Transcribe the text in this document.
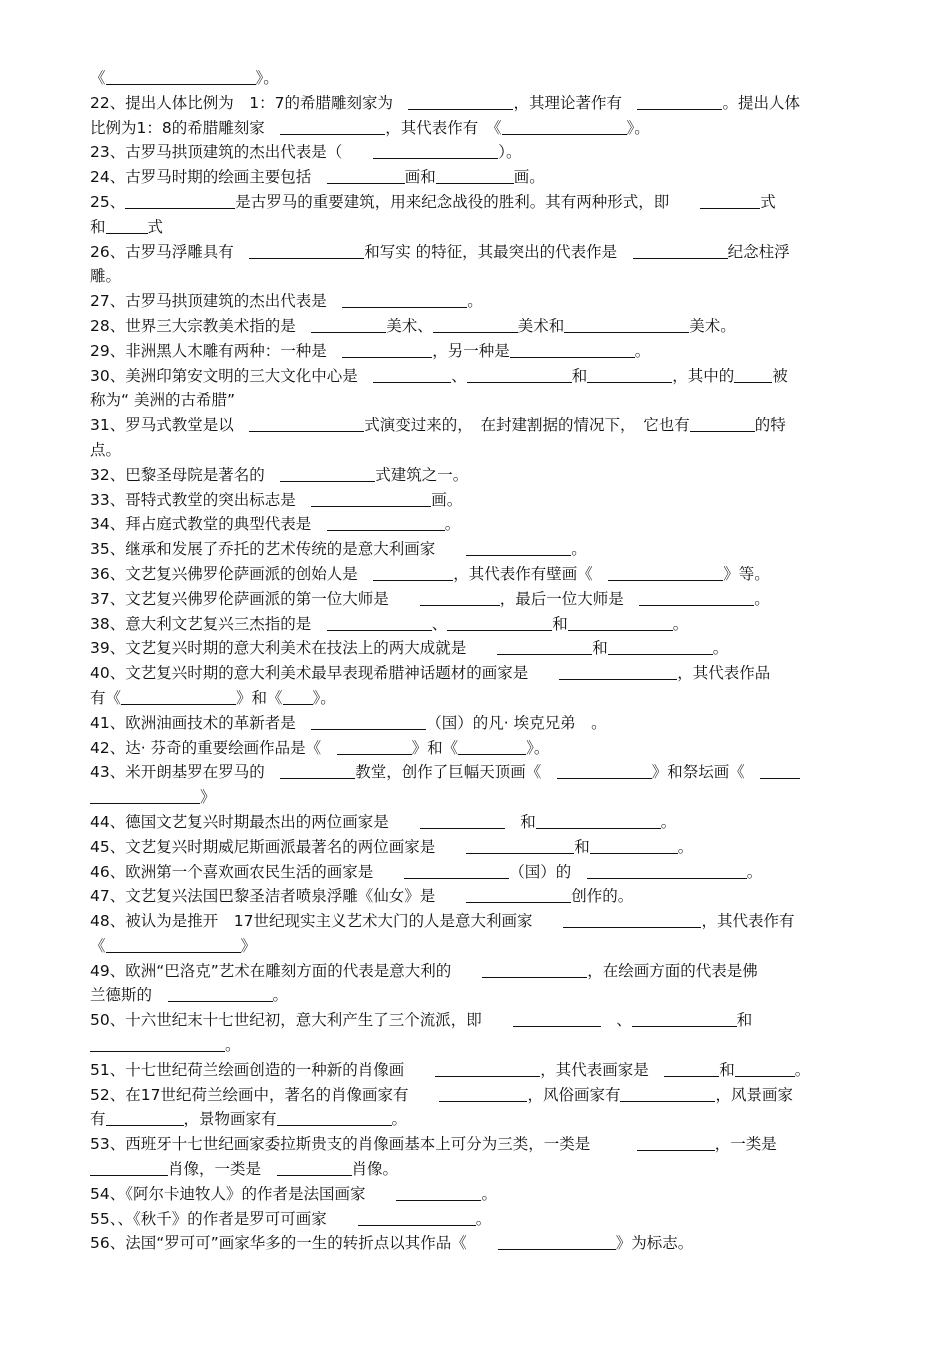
《	》。
22、提出人体比例为　1：7的希腊雕刻家为　	，其理论著作有　	。提出人体
比例为1：8的希腊雕刻家　	，其代表作有　《	》。
23、古罗马拱顶建筑的杰出代表是（　　	）。
24、古罗马时期的绘画主要包括　	画和	画。
25、	是古罗马的重要建筑，用来纪念战役的胜利。其有两种形式，即　　	式
和	式
26、古罗马浮雕具有　	和写实 的特征，其最突出的代表作是　	纪念柱浮
雕。
27、古罗马拱顶建筑的杰出代表是　	。
28、世界三大宗教美术指的是　	美术、	美术和	美术。
29、非洲黑人木雕有两种：一种是　	，另一种是	。
30、美洲印第安文明的三大文化中心是　	、	和	，其中的 被
称为“ 美洲的古希腊”
31、罗马式教堂是以　	式演变过来的，　在封建割据的情况下，　它也有	的特
点。
32、巴黎圣母院是著名的　	式建筑之一。
33、哥特式教堂的突出标志是　	画。
34、拜占庭式教堂的典型代表是　	。
35、继承和发展了乔托的艺术传统的是意大利画家　　	。
36、文艺复兴佛罗伦萨画派的创始人是　	，其代表作有壁画《　	》等。
37、文艺复兴佛罗伦萨画派的第一位大师是　　	，最后一位大师是　	。
38、意大利文艺复兴三杰指的是　	、	和	。
39、文艺复兴时期的意大利美术在技法上的两大成就是　　	和	。
40、文艺复兴时期的意大利美术最早表现希腊神话题材的画家是　　	，其代表作品
有《	》和《 》。
41、欧洲油画技术的革新者是　	（国）的凡· 埃克兄弟　。
42、达· 芬奇的重要绘画作品是《　	》和《	》。
43、米开朗基罗在罗马的　	教堂，创作了巨幅天顶画《　	》和祭坛画《　
》
44、德国文艺复兴时期最杰出的两位画家是　　	　和	。
45、文艺复兴时期威尼斯画派最著名的两位画家是　　	和	。
46、欧洲第一个喜欢画农民生活的画家是　　	（国）的　	。
47、文艺复兴法国巴黎圣洁者喷泉浮雕《仙女》是　　	创作的。
48、被认为是推开　17世纪现实主义艺术大门的人是意大利画家　　	，其代表作有
《	》
49、欧洲“巴洛克”艺术在雕刻方面的代表是意大利的　　	，在绘画方面的代表是佛
兰德斯的　	。
50、十六世纪末十七世纪初，意大利产生了三个流派，即　　	　、	和
。
51、十七世纪荷兰绘画创造的一种新的肖像画　　	，其代表画家是　	和	。
52、在17世纪荷兰绘画中，著名的肖像画家有　　	，风俗画家有	，风景画家
有	，景物画家有	。
53、西班牙十七世纪画家委拉斯贵支的肖像画基本上可分为三类，一类是　　　	，一类是
肖像，一类是　	肖像。
54、《阿尔卡迪牧人》的作者是法国画家　　	。
55、、《秋千》的作者是罗可可画家　　	。
56、法国“罗可可”画家华多的一生的转折点以其作品《　　	》为标志。
